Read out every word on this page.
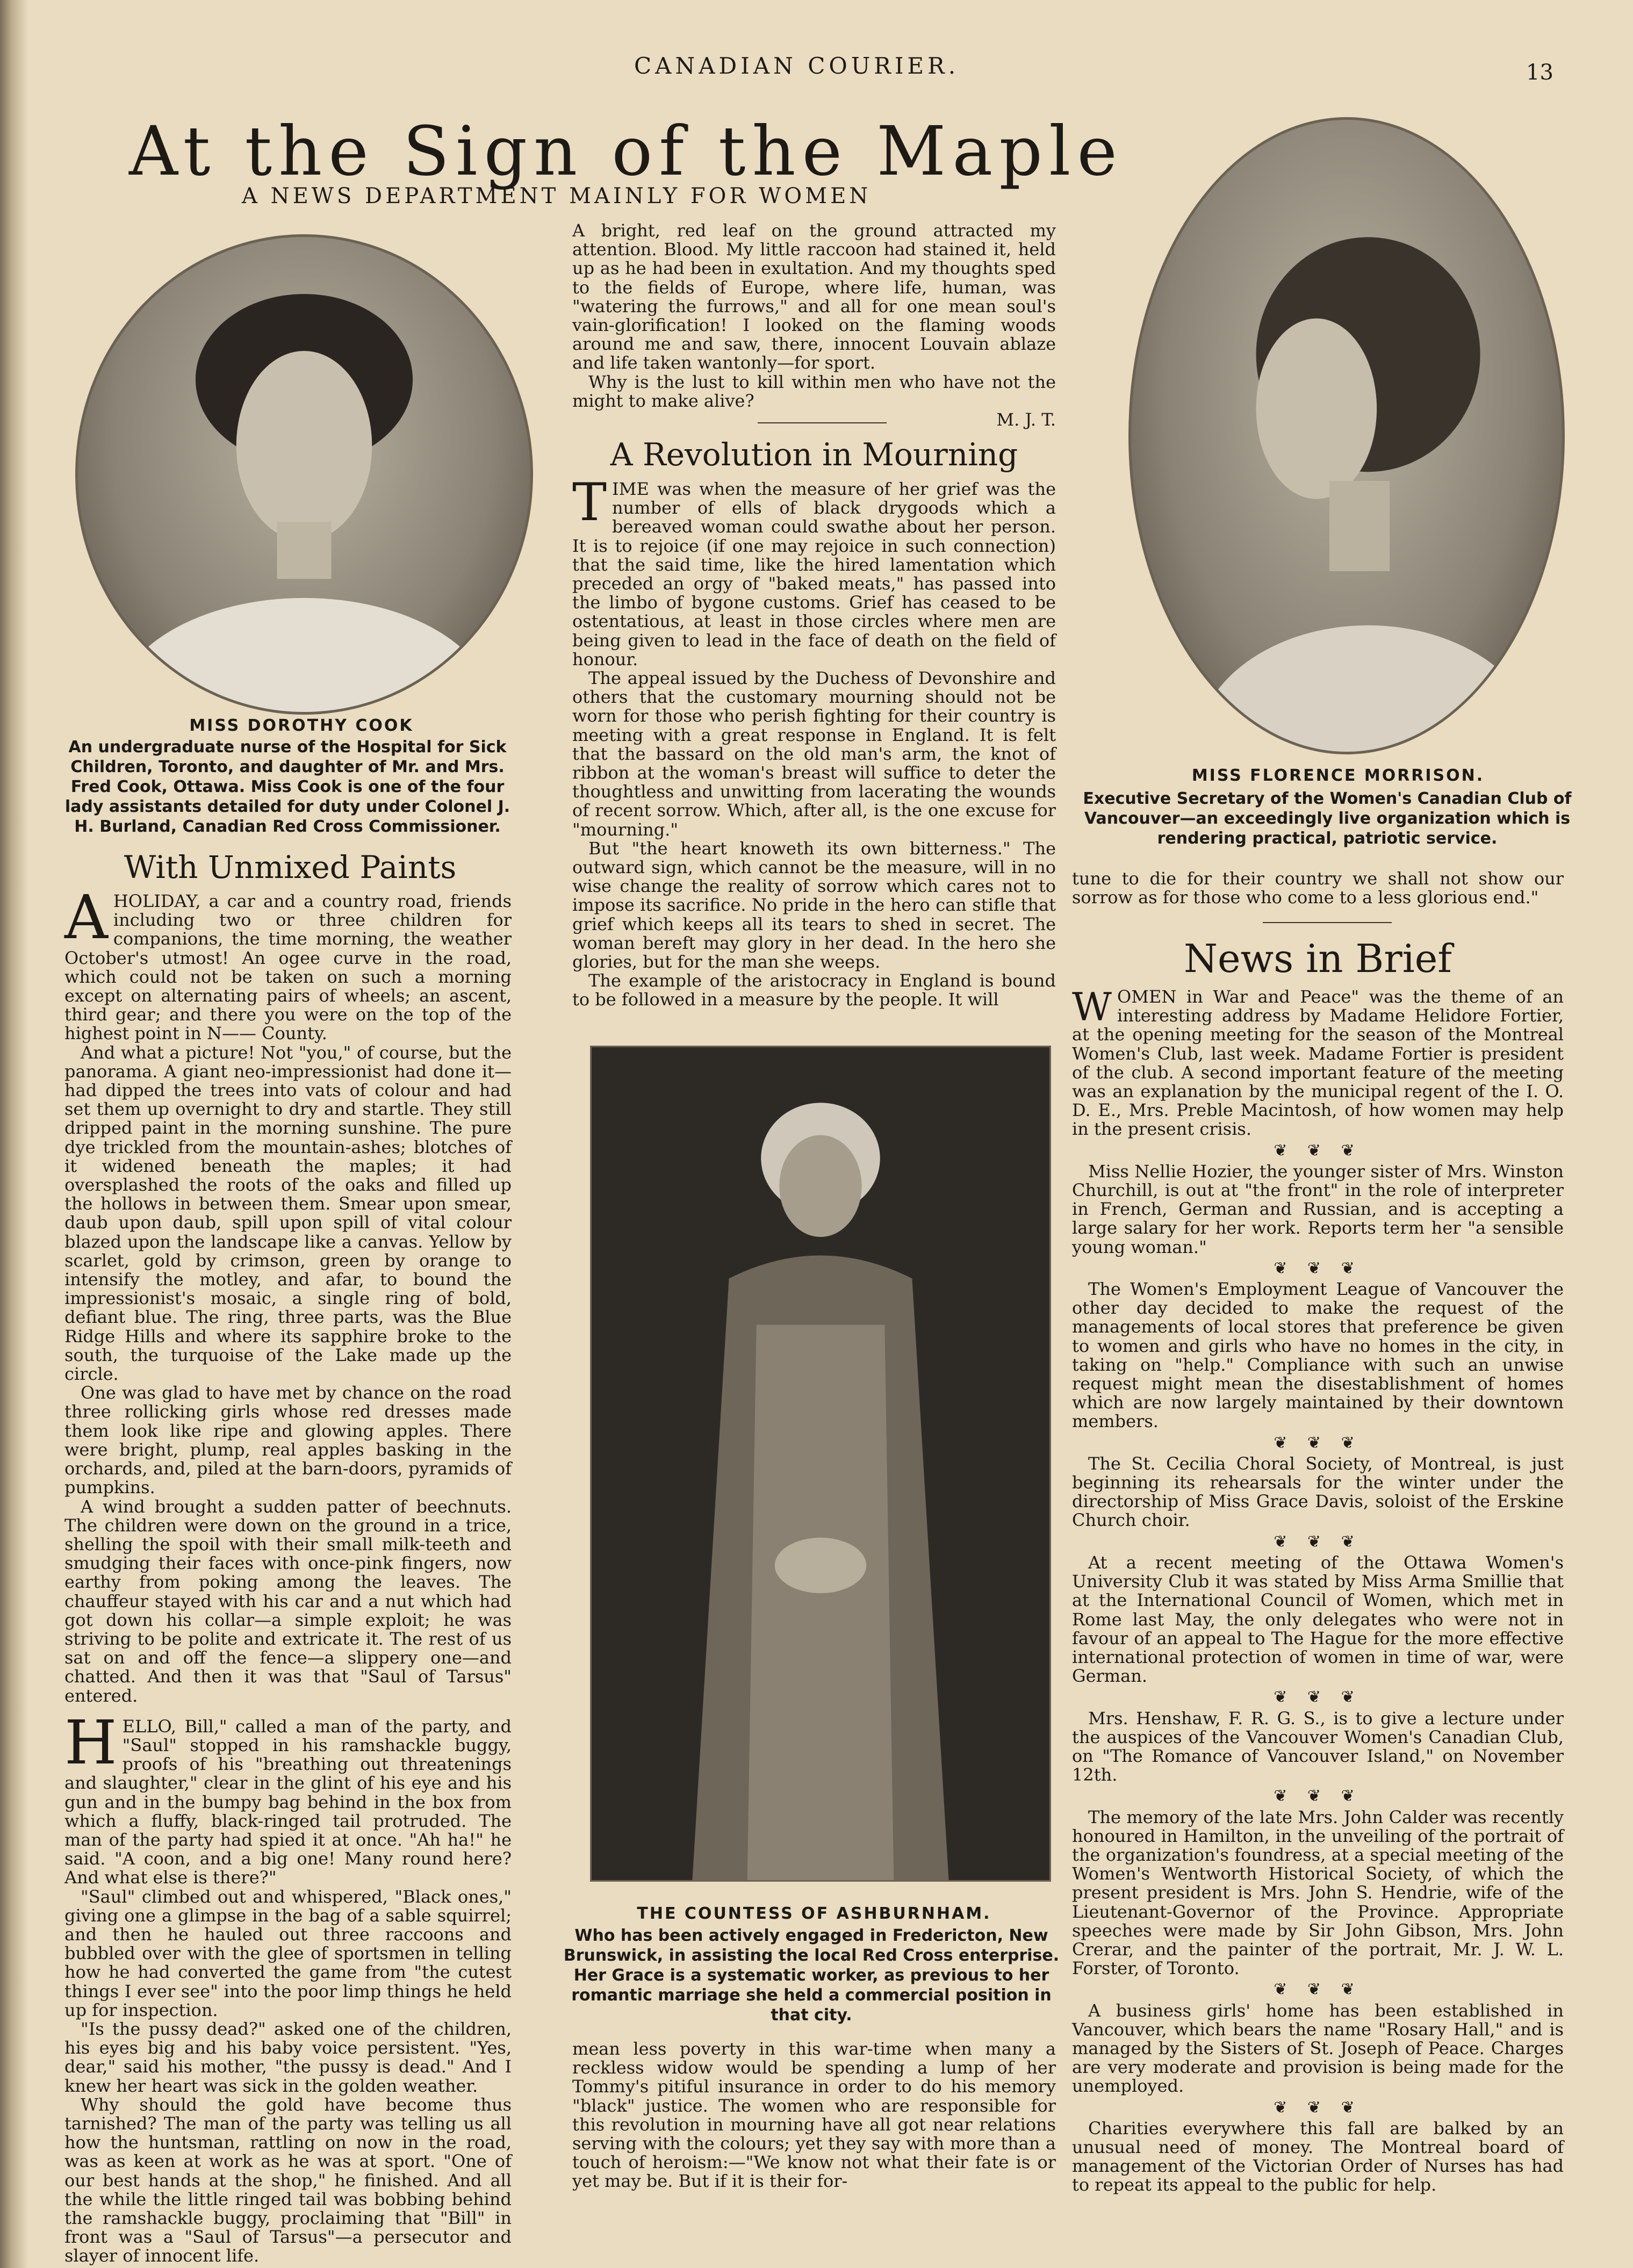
CANADIAN COURIER.	13
At the Sign of the Maple
A NEWS DEPARTMENT MAINLY FOR WOMEN
MISS DOROTHY COOK
An undergraduate nurse of the Hospital for Sick Children, Toronto, and daughter of Mr. and Mrs. Fred Cook, Ottawa. Miss Cook is one of the four lady assistants detailed for duty under Colonel J. H. Burland, Canadian Red Cross Commissioner.
With Unmixed Paints

AHOLIDAY, a car and a country road, friends including two or three children for companions, the time morning, the weather October's utmost! An ogee curve in the road, which could not be taken on such a morning except on alternating pairs of wheels; an ascent, third gear; and there you were on the top of the highest point in N—— County.

And what a picture! Not "you," of course, but the panorama. A giant neo-impressionist had done it—had dipped the trees into vats of colour and had set them up overnight to dry and startle. They still dripped paint in the morning sunshine. The pure dye trickled from the mountain-ashes; blotches of it widened beneath the maples; it had oversplashed the roots of the oaks and filled up the hollows in between them. Smear upon smear, daub upon daub, spill upon spill of vital colour blazed upon the landscape like a canvas. Yellow by scarlet, gold by crimson, green by orange to intensify the motley, and afar, to bound the impressionist's mosaic, a single ring of bold, defiant blue. The ring, three parts, was the Blue Ridge Hills and where its sapphire broke to the south, the turquoise of the Lake made up the circle.

One was glad to have met by chance on the road three rollicking girls whose red dresses made them look like ripe and glowing apples. There were bright, plump, real apples basking in the orchards, and, piled at the barn-doors, pyramids of pumpkins.

A wind brought a sudden patter of beechnuts. The children were down on the ground in a trice, shelling the spoil with their small milk-teeth and smudging their faces with once-pink fingers, now earthy from poking among the leaves. The chauffeur stayed with his car and a nut which had got down his collar—a simple exploit; he was striving to be polite and extricate it. The rest of us sat on and off the fence—a slippery one—and chatted. And then it was that "Saul of Tarsus" entered.

HELLO, Bill," called a man of the party, and "Saul" stopped in his ramshackle buggy, proofs of his "breathing out threatenings and slaughter," clear in the glint of his eye and his gun and in the bumpy bag behind in the box from which a fluffy, black-ringed tail protruded. The man of the party had spied it at once. "Ah ha!" he said. "A coon, and a big one! Many round here? And what else is there?"

"Saul" climbed out and whispered, "Black ones," giving one a glimpse in the bag of a sable squirrel; and then he hauled out three raccoons and bubbled over with the glee of sportsmen in telling how he had converted the game from "the cutest things I ever see" into the poor limp things he held up for inspection.

"Is the pussy dead?" asked one of the children, his eyes big and his baby voice persistent. "Yes, dear," said his mother, "the pussy is dead." And I knew her heart was sick in the golden weather.

Why should the gold have become thus tarnished? The man of the party was telling us all how the huntsman, rattling on now in the road, was as keen at work as he was at sport. "One of our best hands at the shop," he finished. And all the while the little ringed tail was bobbing behind the ramshackle buggy, proclaiming that "Bill" in front was a "Saul of Tarsus"—a persecutor and slayer of innocent life.

A bright, red leaf on the ground attracted my attention. Blood. My little raccoon had stained it, held up as he had been in exultation. And my thoughts sped to the fields of Europe, where life, human, was "watering the furrows," and all for one mean soul's vain-glorification! I looked on the flaming woods around me and saw, there, innocent Louvain ablaze and life taken wantonly—for sport.

Why is the lust to kill within men who have not the might to make alive?

M. J. T.
A Revolution in Mourning

TIME was when the measure of her grief was the number of ells of black drygoods which a bereaved woman could swathe about her person. It is to rejoice (if one may rejoice in such connection) that the said time, like the hired lamentation which preceded an orgy of "baked meats," has passed into the limbo of bygone customs. Grief has ceased to be ostentatious, at least in those circles where men are being given to lead in the face of death on the field of honour.

The appeal issued by the Duchess of Devonshire and others that the customary mourning should not be worn for those who perish fighting for their country is meeting with a great response in England. It is felt that the bassard on the old man's arm, the knot of ribbon at the woman's breast will suffice to deter the thoughtless and unwitting from lacerating the wounds of recent sorrow. Which, after all, is the one excuse for "mourning."

But "the heart knoweth its own bitterness." The outward sign, which cannot be the measure, will in no wise change the reality of sorrow which cares not to impose its sacrifice. No pride in the hero can stifle that grief which keeps all its tears to shed in secret. The woman bereft may glory in her dead. In the hero she glories, but for the man she weeps.

The example of the aristocracy in England is bound to be followed in a measure by the people. It will

THE COUNTESS OF ASHBURNHAM.
Who has been actively engaged in Fredericton, New Brunswick, in assisting the local Red Cross enterprise. Her Grace is a systematic worker, as previous to her romantic marriage she held a commercial position in that city.

mean less poverty in this war-time when many a reckless widow would be spending a lump of her Tommy's pitiful insurance in order to do his memory "black" justice. The women who are responsible for this revolution in mourning have all got near relations serving with the colours; yet they say with more than a touch of heroism:—"We know not what their fate is or yet may be. But if it is their for-

MISS FLORENCE MORRISON.
Executive Secretary of the Women's Canadian Club of Vancouver—an exceedingly live organization which is rendering practical, patriotic service.

tune to die for their country we shall not show our sorrow as for those who come to a less glorious end."

News in Brief

WOMEN in War and Peace" was the theme of an interesting address by Madame Helidore Fortier, at the opening meeting for the season of the Montreal Women's Club, last week. Madame Fortier is president of the club. A second important feature of the meeting was an explanation by the municipal regent of the I. O. D. E., Mrs. Preble Macintosh, of how women may help in the present crisis.

❦ ❦ ❦

Miss Nellie Hozier, the younger sister of Mrs. Winston Churchill, is out at "the front" in the role of interpreter in French, German and Russian, and is accepting a large salary for her work. Reports term her "a sensible young woman."

❦ ❦ ❦

The Women's Employment League of Vancouver the other day decided to make the request of the managements of local stores that preference be given to women and girls who have no homes in the city, in taking on "help." Compliance with such an unwise request might mean the disestablishment of homes which are now largely maintained by their downtown members.

❦ ❦ ❦

The St. Cecilia Choral Society, of Montreal, is just beginning its rehearsals for the winter under the directorship of Miss Grace Davis, soloist of the Erskine Church choir.

❦ ❦ ❦

At a recent meeting of the Ottawa Women's University Club it was stated by Miss Arma Smillie that at the International Council of Women, which met in Rome last May, the only delegates who were not in favour of an appeal to The Hague for the more effective international protection of women in time of war, were German.

❦ ❦ ❦

Mrs. Henshaw, F. R. G. S., is to give a lecture under the auspices of the Vancouver Women's Canadian Club, on "The Romance of Vancouver Island," on November 12th.

❦ ❦ ❦

The memory of the late Mrs. John Calder was recently honoured in Hamilton, in the unveiling of the portrait of the organization's foundress, at a special meeting of the Women's Wentworth Historical Society, of which the present president is Mrs. John S. Hendrie, wife of the Lieutenant-Governor of the Province. Appropriate speeches were made by Sir John Gibson, Mrs. John Crerar, and the painter of the portrait, Mr. J. W. L. Forster, of Toronto.

❦ ❦ ❦

A business girls' home has been established in Vancouver, which bears the name "Rosary Hall," and is managed by the Sisters of St. Joseph of Peace. Charges are very moderate and provision is being made for the unemployed.

❦ ❦ ❦

Charities everywhere this fall are balked by an unusual need of money. The Montreal board of management of the Victorian Order of Nurses has had to repeat its appeal to the public for help.
